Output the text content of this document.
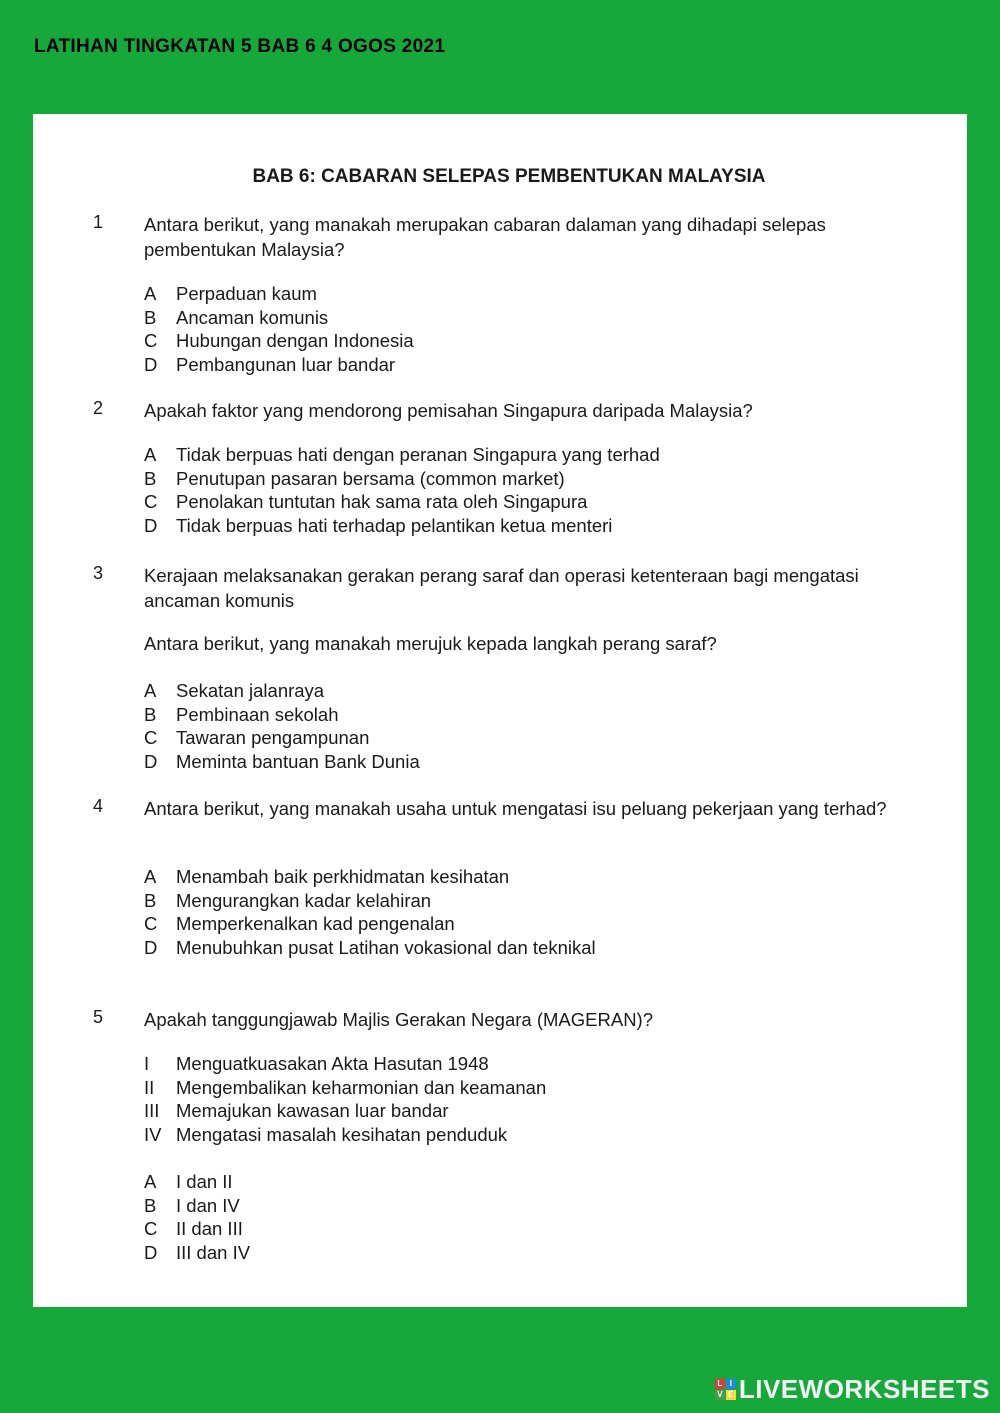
LATIHAN TINGKATAN 5 BAB 6 4 OGOS 2021
BAB 6: CABARAN SELEPAS PEMBENTUKAN MALAYSIA
1 Antara berikut, yang manakah merupakan cabaran dalaman yang dihadapi selepas pembentukan Malaysia?
A	Perpaduan kaum
B	Ancaman komunis
C	Hubungan dengan Indonesia
D	Pembangunan luar bandar
2 Apakah faktor yang mendorong pemisahan Singapura daripada Malaysia?
A	Tidak berpuas hati dengan peranan Singapura yang terhad
B	Penutupan pasaran bersama (common market)
C	Penolakan tuntutan hak sama rata oleh Singapura
D	Tidak berpuas hati terhadap pelantikan ketua menteri
3 Kerajaan melaksanakan gerakan perang saraf dan operasi ketenteraan bagi mengatasi ancaman komunis
Antara berikut, yang manakah merujuk kepada langkah perang saraf?
A	Sekatan jalanraya
B	Pembinaan sekolah
C	Tawaran pengampunan
D	Meminta bantuan Bank Dunia
4 Antara berikut, yang manakah usaha untuk mengatasi isu peluang pekerjaan yang terhad?
A	Menambah baik perkhidmatan kesihatan
B	Mengurangkan kadar kelahiran
C	Memperkenalkan kad pengenalan
D	Menubuhkan pusat Latihan vokasional dan teknikal
5 Apakah tanggungjawab Majlis Gerakan Negara (MAGERAN)?
I	Menguatkuasakan Akta Hasutan 1948
II	Mengembalikan keharmonian dan keamanan
III Memajukan kawasan luar bandar
IV Mengatasi masalah kesihatan penduduk
A	I dan II
B	I dan IV
C	II dan III
D	III dan IV
L I
V E LIVEWORKSHEETS
